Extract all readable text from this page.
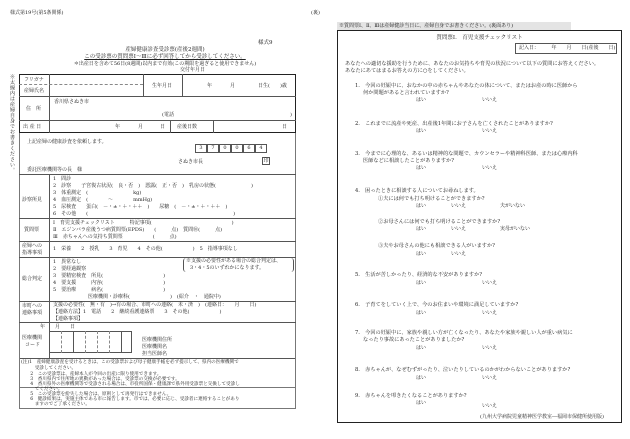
様式第19号(第5条関係)
様式9
産婦健康診査受診票(産後2週間)
この受診票の質問票Ⅰ～Ⅲに必ず回答してから受診してください。
＊出産日を含めて56日(8週間)以内まで有効(この期限を過ぎると使用できません)
交付年月日
※太線内は産婦自身でお書きください。 フリガナ
産婦氏名
生年月日	年	月	日生(　　)歳
住　所
香川県さぬき市
(電話	)
出 産 日	年	月	日 産後日数	日
上記産婦の健康診査を依頼します。
3	7	0	0	6	4
さぬき市長	印
委託医療機関等の長　様
診察所見
1　問診
2　診察　　子宮復古状況(　良・否　)　悪露(　正・否　)　乳房の状態(　　　　　　　)
3　体重測定　(　　　　　　　　　kg)
4　血圧測定　(　　　　～　　　　mmHg)
5　尿検査　　蛋白(　－・±・＋・＋＋　)　　尿糖　(　－・±・＋・＋＋　)
6　その他　　(　　　　　　　　　　　　　　　　　　　　　　　　　　　　　)
質問票
Ⅰ　育児支援チェックリスト　　　特記事項(　　　　　　　　　　　　　　　　)
Ⅱ　エジンバラ産後うつ病質問票(EPDS)　　(　　　点)　質問⑩(　　　点)
Ⅲ　赤ちゃんへの気持ち質問票　　　　　　(　　　点)
産婦への
指導事項
1　栄養　　2　授乳　　3　育児　　4　その他(　　　　　　)　5　指導事項なし
総合判定
1　異常なし
2　要経過観察
3　要精密検査　所見(　　　　　　　　　　　　)
4　要支援　　　内容(　　　　　　　　　　　　)
5　要治療　　　病名(　　　　　　　　　　　　)
　　　　　　　医療機関・診療科(　　　　　　　　)　(紹介　・　通院中)
※支援の必要性がある場合の総合判定は、
3・4・5のいずれかになります。
市町への
連絡事項
支援の必要性(　無・有　)→有の場合、市町への連絡(　未・済　)　(連絡日：　　月　　日)
【連絡方法】1　電話　　2　継続看護連絡票　　3　その他(　　　　　　)
【連絡事項】
年　　月　　日
医療機関
コード
医療機関住所
医療機関名
担当医師名
(注)1　産婦健康診査を受けるときは、この受診票および母子健康手帳を必ず提示して、県内の医療機関で
　　　受診してください。
　　2　この受診票は、産婦本人が今回の出産に限り使用できます。
　　3　香川県内で住所地の異動があった場合は、受診票の交換が必要です。
　　4　香川県外の医療機関等で受診される場合は、市役所国保・健康課で県外用受診票と交換して受診し
　　　てください。
　　5　この受診票を紛失した場合は、原則として再発行はできません。
　　6　健診結果は、実施主体である市に報告します。市では、必要に応じ、受診者に連絡することがあり
　　　ますのでご了承ください。
(裏)
※質問票Ⅰ、Ⅱ、Ⅲは産婦健診当日に、産婦自身でお書きください。(裏面あり)
質問票Ⅰ.　育児支援チェックリスト
記入日：　　　年　　月　　日(産後　　日)
あなたへの適切な援助を行うために、あなたのお気持ちや育児の状況について以下の質問にお答えください。
あなたにあてはまるお答えの方に○をしてください。
1.　今回の妊娠中に、おなかの中の赤ちゃんやあなたの体について、またはお産の時に医師から
何か問題があると言われていますか?
はい	いいえ
2.　これまでに流産や死産、出産後1年間にお子さんを亡くされたことがありますか?
はい	いいえ
3.　今までに心理的な、あるいは精神的な問題で、カウンセラーや精神科医師、または心療内科
医師などに相談したことがありますか?
はい	いいえ
4.　困ったときに相談する人についてお尋ねします。
①夫には何でも打ち明けることができますか?
はい	いいえ	夫がいない
②お母さんには何でも打ち明けることができますか?
はい	いいえ	実母がいない
③夫やお母さんの他にも相談できる人がいますか?
はい	いいえ
5.　生活が苦しかったり、経済的な不安がありますか?
はい	いいえ
6.　子育てをしていく上で、今のお住まいや環境に満足していますか?
はい	いいえ
7.　今回の妊娠中に、家族や親しい方が亡くなったり、あなたや家族や親しい人が重い病気に
なったり事故にあったことがありましたか?
はい	いいえ
8.　赤ちゃんが、なぜむずがったり、泣いたりしているのかがわからないことがありますか?
はい	いいえ
9.　赤ちゃんを叩きたくなることがありますか?
はい	いいえ
(九州大学病院児童精神医学教室―福岡市保健所使用版)
